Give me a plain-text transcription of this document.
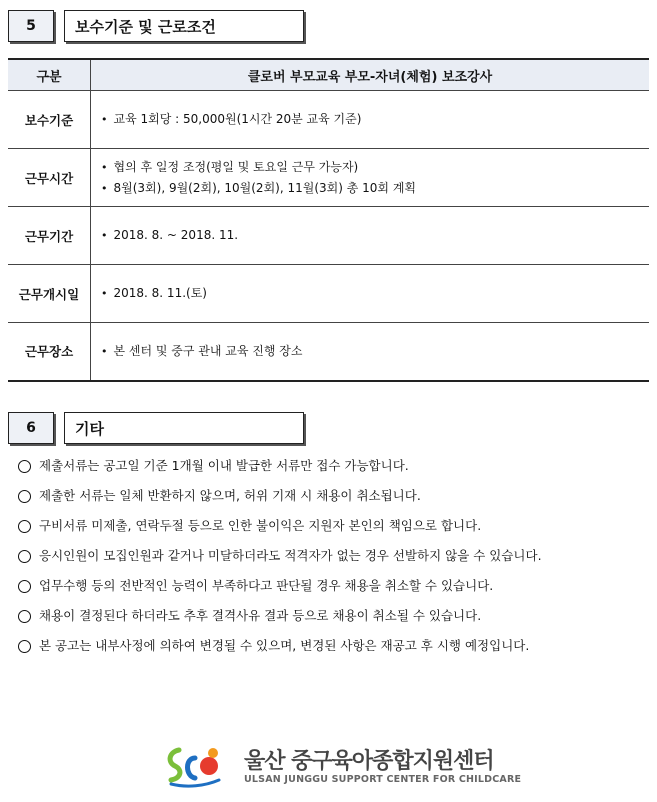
5	보수기준 및 근로조건
구분	클로버 부모교육 부모-자녀(체험) 보조강사
보수기준	• 교육 1회당 : 50,000원(1시간 20분 교육 기준)

근무시간	• 협의 후 일정 조정(평일 및 토요일 근무 가능자)
• 8월(3회), 9월(2회), 10월(2회), 11월(3회) 총 10회 계획

근무기간	• 2018. 8. ~ 2018. 11.

근무개시일	• 2018. 8. 11.(토)

근무장소	• 본 센터 및 중구 관내 교육 진행 장소
6	기타
제출서류는 공고일 기준 1개월 이내 발급한 서류만 접수 가능합니다.
제출한 서류는 일체 반환하지 않으며, 허위 기재 시 채용이 취소됩니다.
구비서류 미제출, 연락두절 등으로 인한 불이익은 지원자 본인의 책임으로 합니다.
응시인원이 모집인원과 같거나 미달하더라도 적격자가 없는 경우 선발하지 않을 수 있습니다.
업무수행 등의 전반적인 능력이 부족하다고 판단될 경우 채용을 취소할 수 있습니다.
채용이 결정된다 하더라도 추후 결격사유 결과 등으로 채용이 취소될 수 있습니다.
본 공고는 내부사정에 의하여 변경될 수 있으며, 변경된 사항은 재공고 후 시행 예정입니다.
울산 중구육아종합지원센터
ULSAN JUNGGU SUPPORT CENTER FOR CHILDCARE
